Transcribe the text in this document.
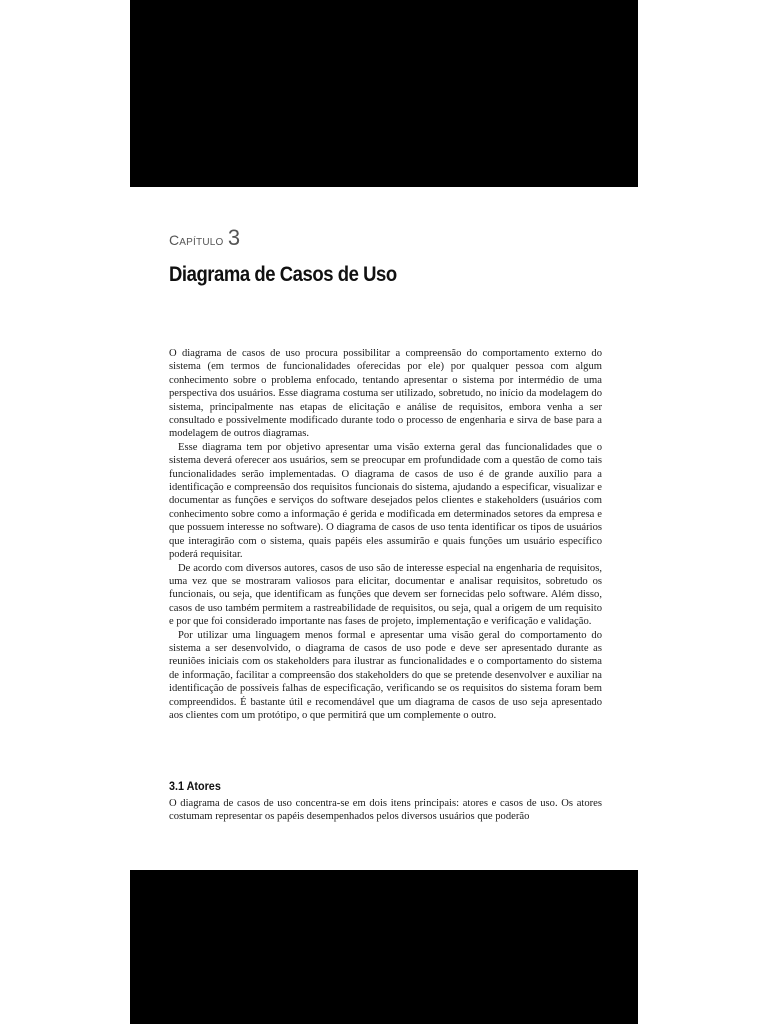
Capítulo 3
Diagrama de Casos de Uso

O diagrama de casos de uso procura possibilitar a compreensão do comportamento externo do sistema (em termos de funcionalidades oferecidas por ele) por qualquer pessoa com algum conhecimento sobre o problema enfocado, tentando apresentar o sistema por intermédio de uma perspectiva dos usuários. Esse diagrama costuma ser utilizado, sobretudo, no início da modelagem do sistema, principalmente nas etapas de elicitação e análise de requisitos, embora venha a ser consultado e possivelmente modificado durante todo o processo de engenharia e sirva de base para a modelagem de outros diagramas.

Esse diagrama tem por objetivo apresentar uma visão externa geral das funcionalidades que o sistema deverá oferecer aos usuários, sem se preocupar em profundidade com a questão de como tais funcionalidades serão implementadas. O diagrama de casos de uso é de grande auxílio para a identificação e compreensão dos requisitos funcionais do sistema, ajudando a especificar, visualizar e documentar as funções e serviços do software desejados pelos clientes e stakeholders (usuários com conhecimento sobre como a informação é gerida e modificada em determinados setores da empresa e que possuem interesse no software). O diagrama de casos de uso tenta identificar os tipos de usuários que interagirão com o sistema, quais papéis eles assumirão e quais funções um usuário específico poderá requisitar.

De acordo com diversos autores, casos de uso são de interesse especial na engenharia de requisitos, uma vez que se mostraram valiosos para elicitar, documentar e analisar requisitos, sobretudo os funcionais, ou seja, que identificam as funções que devem ser fornecidas pelo software. Além disso, casos de uso também permitem a rastreabilidade de requisitos, ou seja, qual a origem de um requisito e por que foi considerado importante nas fases de projeto, implementação e verificação e validação.

Por utilizar uma linguagem menos formal e apresentar uma visão geral do comportamento do sistema a ser desenvolvido, o diagrama de casos de uso pode e deve ser apresentado durante as reuniões iniciais com os stakeholders para ilustrar as funcionalidades e o comportamento do sistema de informação, facilitar a compreensão dos stakeholders do que se pretende desenvolver e auxiliar na identificação de possíveis falhas de especificação, verificando se os requisitos do sistema foram bem compreendidos. É bastante útil e recomendável que um diagrama de casos de uso seja apresentado aos clientes com um protótipo, o que permitirá que um complemente o outro.

3.1 Atores

O diagrama de casos de uso concentra-se em dois itens principais: atores e casos de uso. Os atores costumam representar os papéis desempenhados pelos diversos usuários que poderão
